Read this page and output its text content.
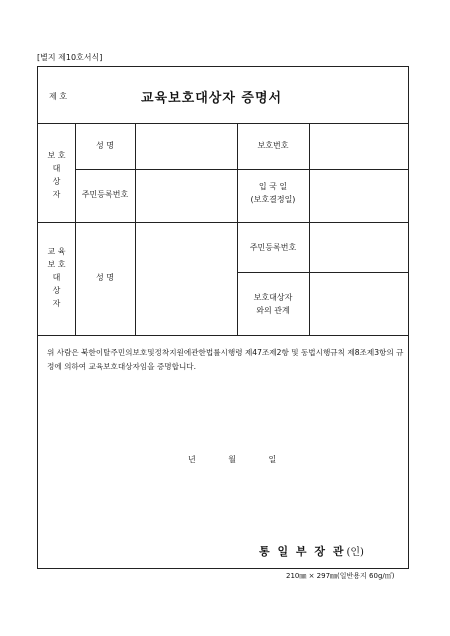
[별지 제10호서식]
제 호	교육보호대상자 증명서
보 호
대
상
자
성 명	보호번호
주민등록번호
입 국 일
(보호결정일)
교 육
보 호
대
상
자
성 명
주민등록번호
보호대상자
와의 관계
위 사람은 북한이탈주민의보호및정착지원에관한법률시행령 제47조제2항 및 동법시행규칙 제8조제3항의 규정에 의하여 교육보호대상자임을 증명합니다.
년 월 일
통 일 부 장 관 (인)
210㎜ × 297㎜(일반용지 60g/㎡)
